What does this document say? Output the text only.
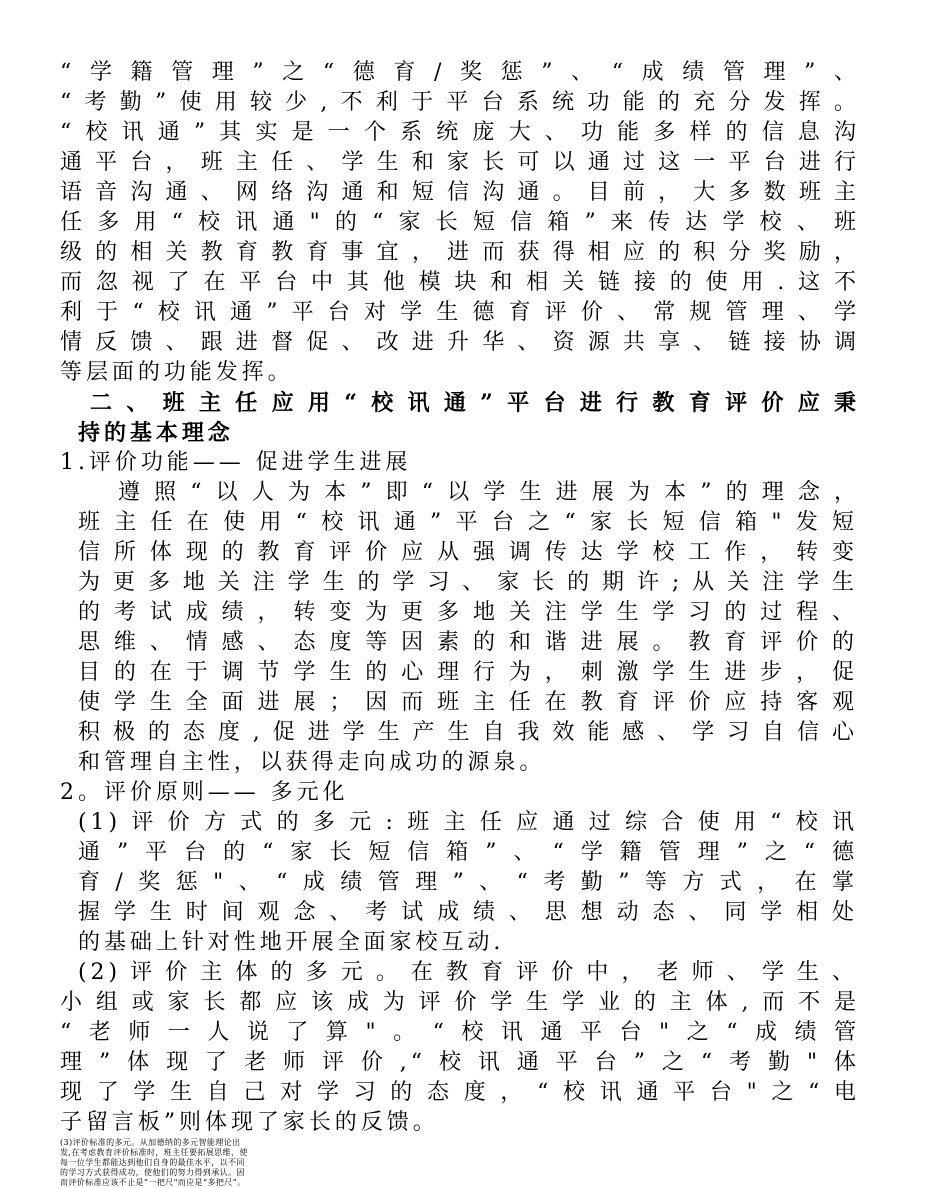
“学籍管理”之“德育/奖惩”、“成绩管理”、
“考勤”使用较少,不利于平台系统功能的充分发挥。
“校讯通”其实是一个系统庞大、功能多样的信息沟
通平台，班主任、学生和家长可以通过这一平台进行
语音沟通、网络沟通和短信沟通。目前，大多数班主
任多用“校讯通"的“家长短信箱”来传达学校、班
级的相关教育教育事宜，进而获得相应的积分奖励，
而忽视了在平台中其他模块和相关链接的使用.这不
利于“校讯通”平台对学生德育评价、常规管理、学
情反馈、跟进督促、改进升华、资源共享、链接协调
等层面的功能发挥。
二、班主任应用“校讯通”平台进行教育评价应秉
持的基本理念
1.评价功能—— 促进学生进展
遵照“以人为本”即“以学生进展为本”的理念，
班主任在使用“校讯通”平台之“家长短信箱"发短
信所体现的教育评价应从强调传达学校工作，转变
为更多地关注学生的学习、家长的期许;从关注学生
的考试成绩，转变为更多地关注学生学习的过程、
思维、情感、态度等因素的和谐进展。教育评价的
目的在于调节学生的心理行为，刺激学生进步，促
使学生全面进展；因而班主任在教育评价应持客观
积极的态度,促进学生产生自我效能感、学习自信心
和管理自主性，以获得走向成功的源泉。
2。评价原则—— 多元化
(1)评价方式的多元:班主任应通过综合使用“校讯
通”平台的“家长短信箱”、“学籍管理”之“德
育/奖惩"、“成绩管理”、“考勤”等方式，在掌
握学生时间观念、考试成绩、思想动态、同学相处
的基础上针对性地开展全面家校互动.
(2)评价主体的多元。在教育评价中，老师、学生、
小组或家长都应该成为评价学生学业的主体,而不是
“老师一人说了算"。“校讯通平台"之“成绩管
理”体现了老师评价,“校讯通平台”之“考勤"体
现了学生自己对学习的态度，“校讯通平台"之“电
子留言板”则体现了家长的反馈。
(3)评价标准的多元。从加德纳的多元智能理论出
发,在考虑教育评价标准时，班主任要拓展思维，使
每一位学生都能达到他们自身的最佳水平，以不同
的学习方式获得成功，使他们的努力得到承认。因
而评价标准应该不止是“一把尺"而应是“多把尺”。
